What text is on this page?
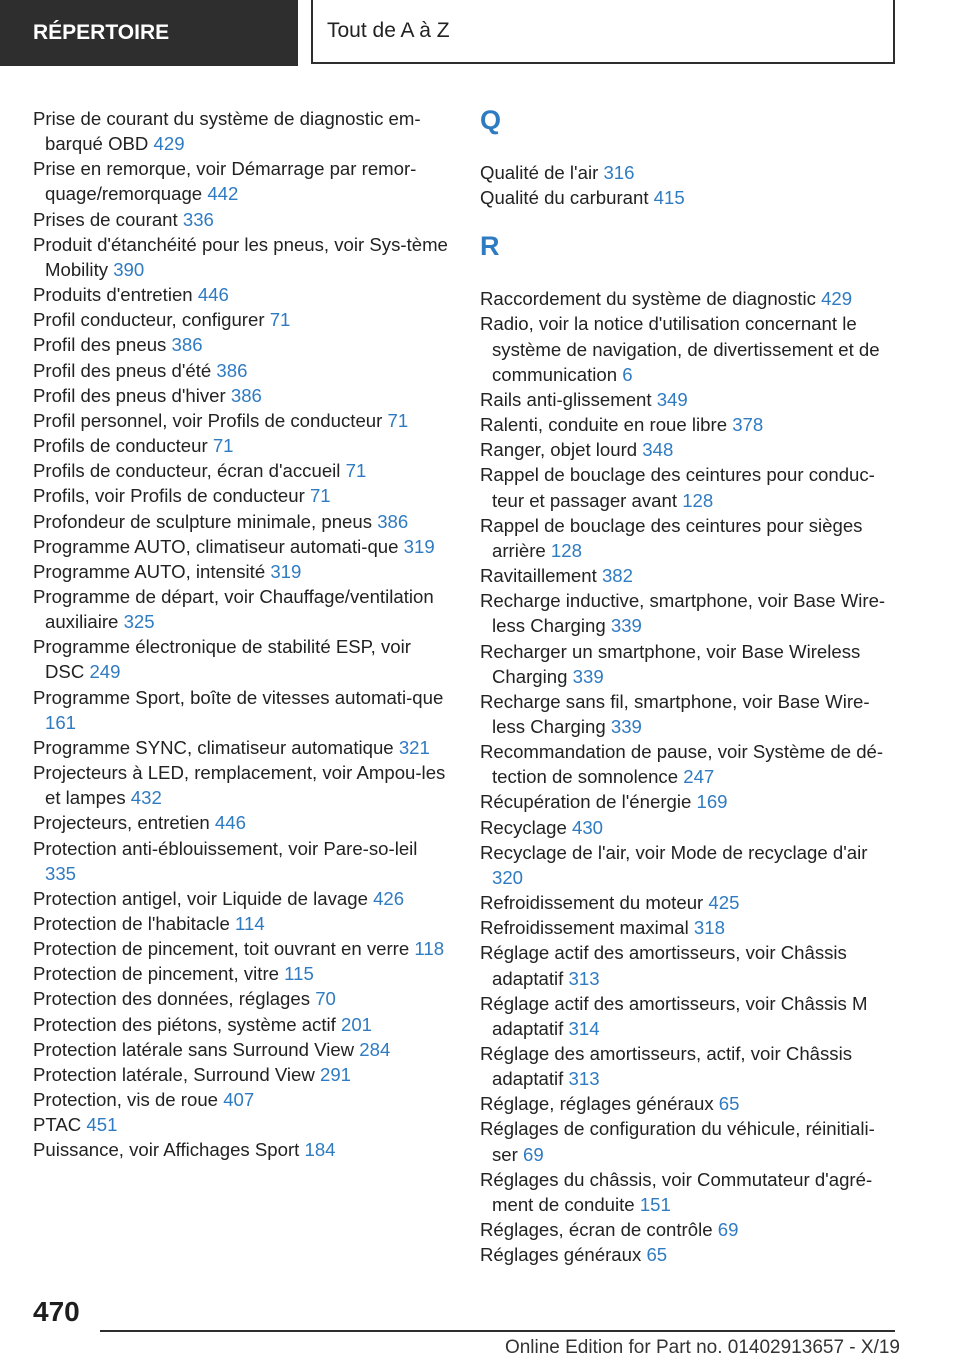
RÉPERTOIRE	Tout de A à Z
Prise de courant du système de diagnostic em-barqué OBD 429
Prise en remorque, voir Démarrage par remor-quage/remorquage 442
Prises de courant 336
Produit d'étanchéité pour les pneus, voir Sys-tème Mobility 390
Produits d'entretien 446
Profil conducteur, configurer 71
Profil des pneus 386
Profil des pneus d'été 386
Profil des pneus d'hiver 386
Profil personnel, voir Profils de conducteur 71
Profils de conducteur 71
Profils de conducteur, écran d'accueil 71
Profils, voir Profils de conducteur 71
Profondeur de sculpture minimale, pneus 386
Programme AUTO, climatiseur automati-que 319
Programme AUTO, intensité 319
Programme de départ, voir Chauffage/ventilation auxiliaire 325
Programme électronique de stabilité ESP, voir DSC 249
Programme Sport, boîte de vitesses automati-que 161
Programme SYNC, climatiseur automatique 321
Projecteurs à LED, remplacement, voir Ampou-les et lampes 432
Projecteurs, entretien 446
Protection anti-éblouissement, voir Pare-so-leil 335
Protection antigel, voir Liquide de lavage 426
Protection de l'habitacle 114
Protection de pincement, toit ouvrant en verre 118
Protection de pincement, vitre 115
Protection des données, réglages 70
Protection des piétons, système actif 201
Protection latérale sans Surround View 284
Protection latérale, Surround View 291
Protection, vis de roue 407
PTAC 451
Puissance, voir Affichages Sport 184
Q
Qualité de l'air 316
Qualité du carburant 415
R
Raccordement du système de diagnostic 429
Radio, voir la notice d'utilisation concernant le système de navigation, de divertissement et de communication 6
Rails anti-glissement 349
Ralenti, conduite en roue libre 378
Ranger, objet lourd 348
Rappel de bouclage des ceintures pour conduc-teur et passager avant 128
Rappel de bouclage des ceintures pour sièges arrière 128
Ravitaillement 382
Recharge inductive, smartphone, voir Base Wire-less Charging 339
Recharger un smartphone, voir Base Wireless Charging 339
Recharge sans fil, smartphone, voir Base Wire-less Charging 339
Recommandation de pause, voir Système de dé-tection de somnolence 247
Récupération de l'énergie 169
Recyclage 430
Recyclage de l'air, voir Mode de recyclage d'air 320
Refroidissement du moteur 425
Refroidissement maximal 318
Réglage actif des amortisseurs, voir Châssis adaptatif 313
Réglage actif des amortisseurs, voir Châssis M adaptatif 314
Réglage des amortisseurs, actif, voir Châssis adaptatif 313
Réglage, réglages généraux 65
Réglages de configuration du véhicule, réinitiali-ser 69
Réglages du châssis, voir Commutateur d'agré-ment de conduite 151
Réglages, écran de contrôle 69
Réglages généraux 65
470
Online Edition for Part no. 01402913657 - X/19
